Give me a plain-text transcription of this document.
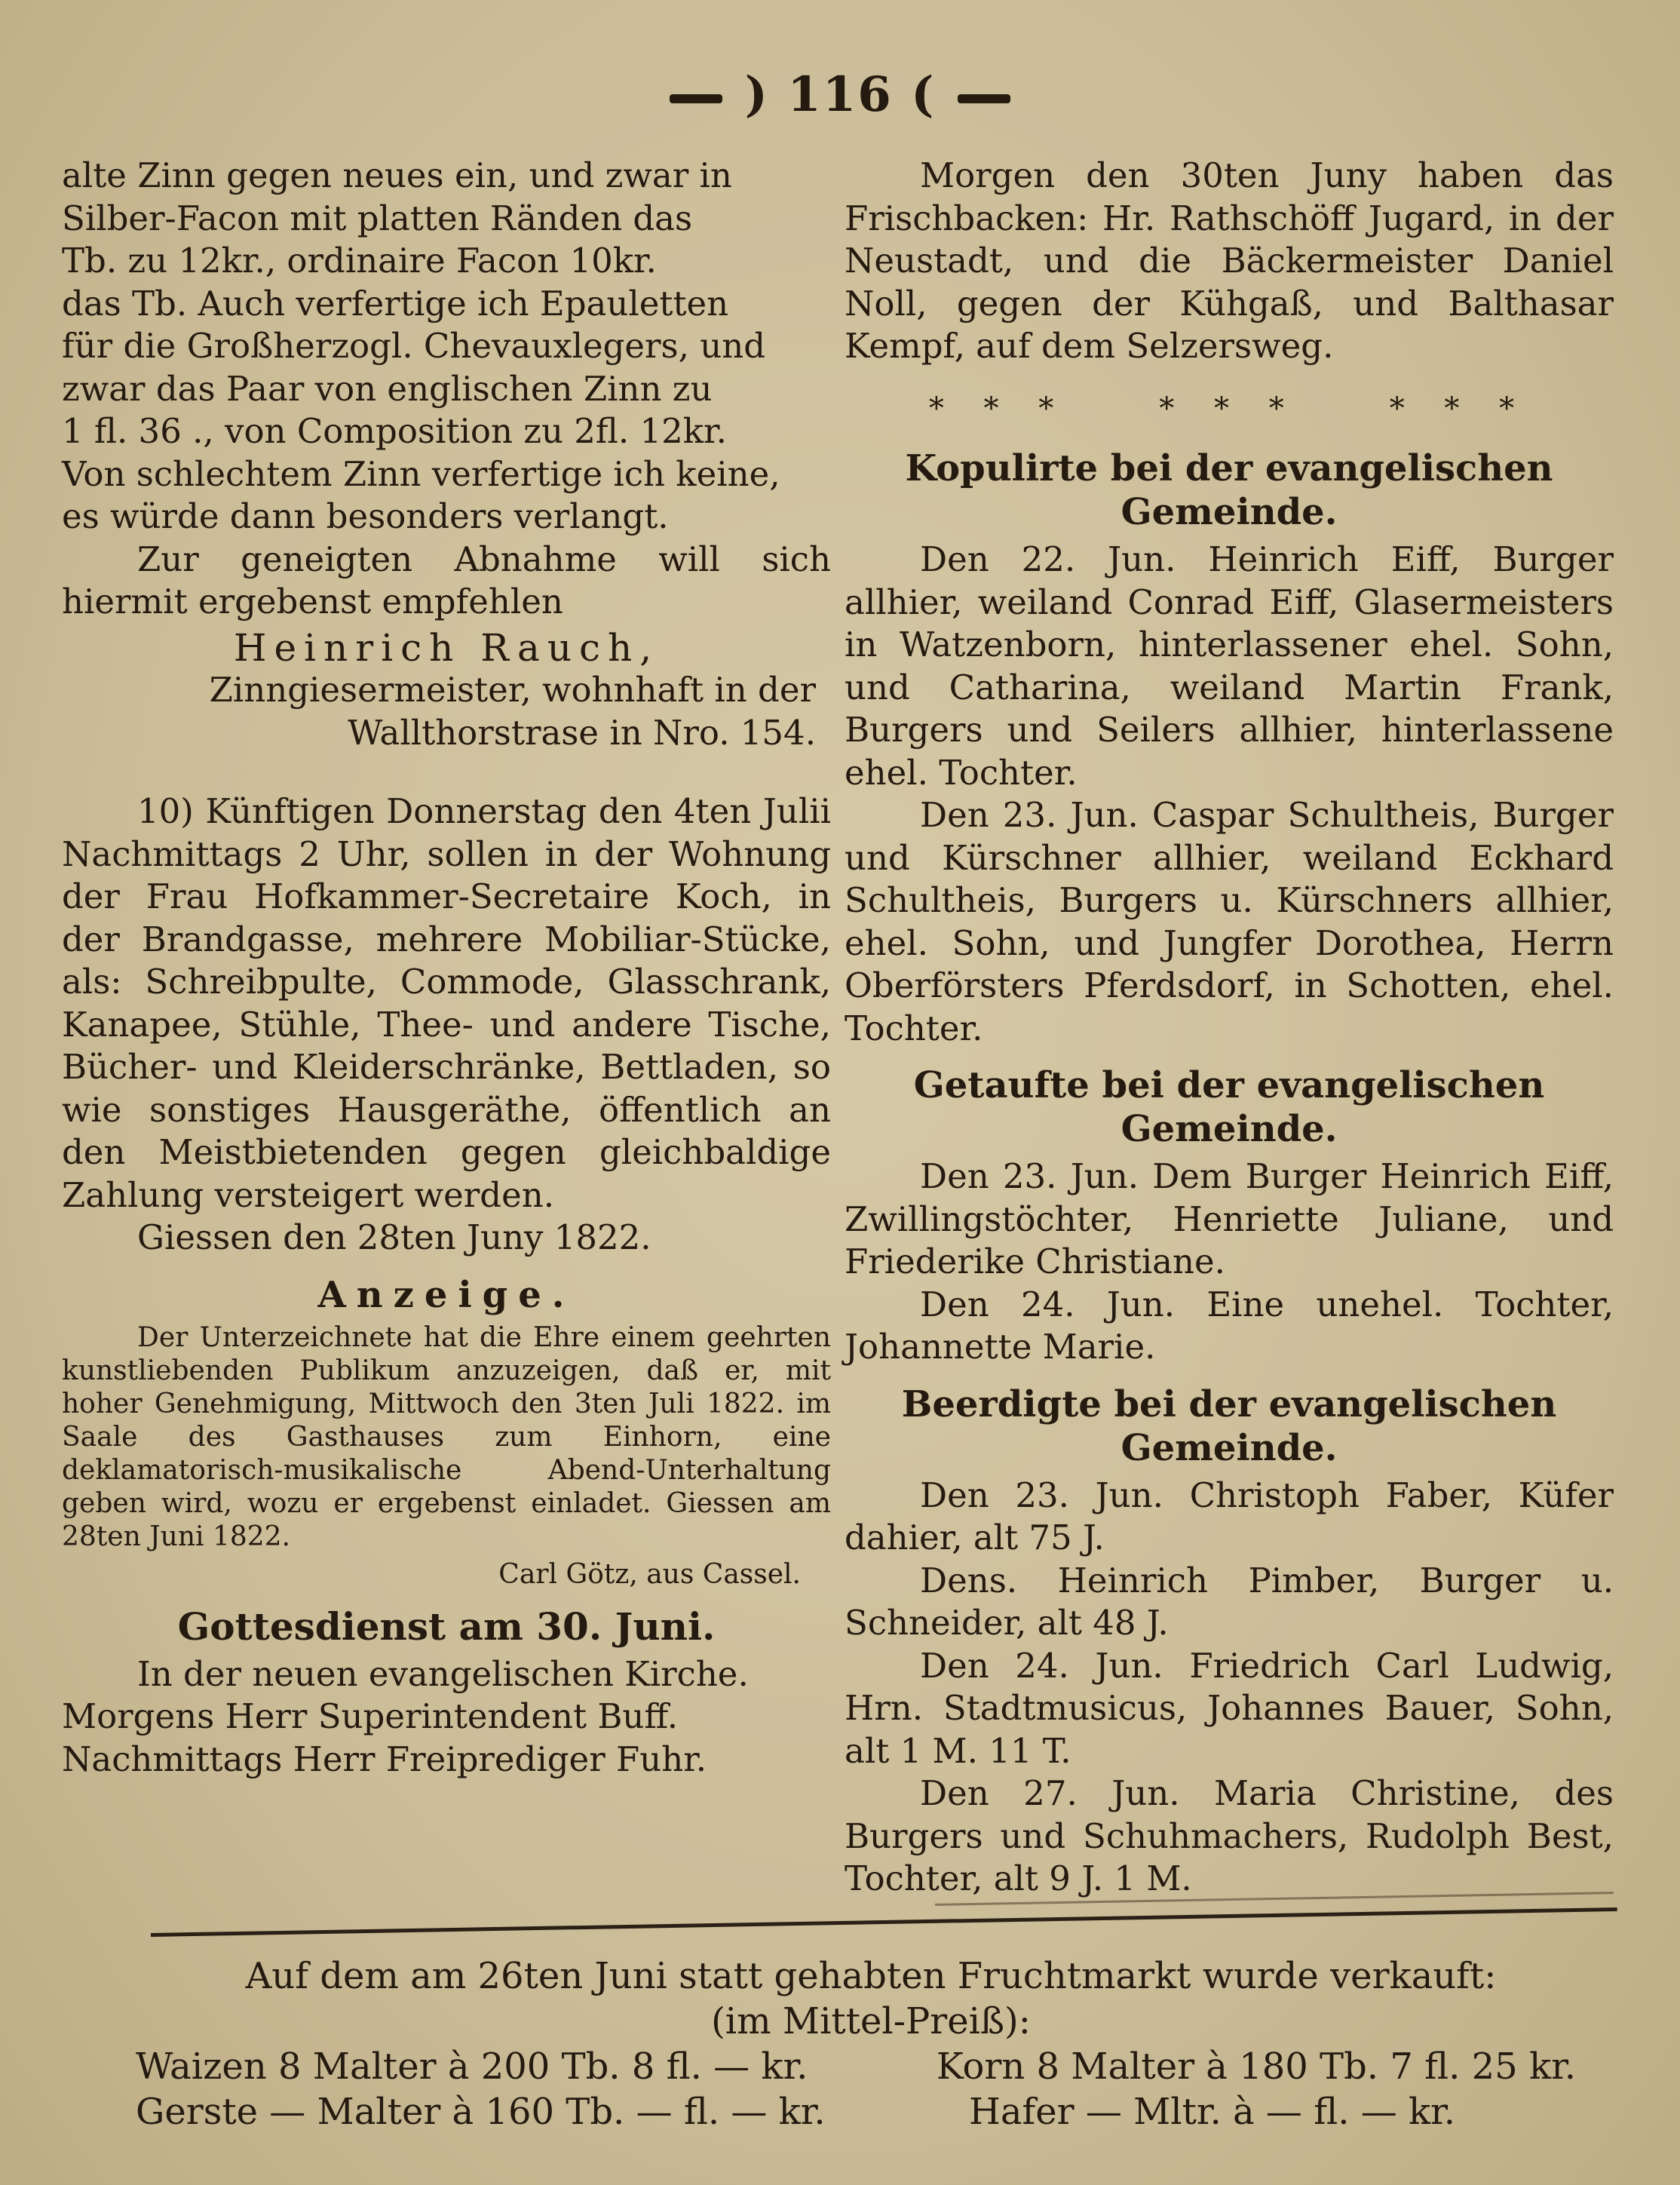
) 116 (

alte Zinn gegen neues ein, und zwar in

Silber-Facon mit platten Ränden das

Tb. zu 12kr., ordinaire Facon 10kr.

das Tb. Auch verfertige ich Epauletten

für die Großherzogl. Chevauxlegers, und

zwar das Paar von englischen Zinn zu

1 fl. 36 ., von Composition zu 2fl. 12kr.

Von schlechtem Zinn verfertige ich keine,

es würde dann besonders verlangt.

Zur geneigten Abnahme will sich hiermit ergebenst empfehlen

Heinrich Rauch,

Zinngiesermeister, wohnhaft in der Wallthorstrase in Nro. 154.

10) Künftigen Donnerstag den 4ten Julii Nachmittags 2 Uhr, sollen in der Wohnung der Frau Hofkammer-Secretaire Koch, in der Brandgasse, mehrere Mobiliar-Stücke, als: Schreibpulte, Commode, Glasschrank, Kanapee, Stühle, Thee- und andere Tische, Bücher- und Kleiderschränke, Bettladen, so wie sonstiges Hausgeräthe, öffentlich an den Meistbietenden gegen gleichbaldige Zahlung versteigert werden.

Giessen den 28ten Juny 1822.

Anzeige.

Der Unterzeichnete hat die Ehre einem geehrten kunstliebenden Publikum anzuzeigen, daß er, mit hoher Genehmigung, Mittwoch den 3ten Juli 1822. im Saale des Gasthauses zum Einhorn, eine deklamatorisch-musikalische Abend-Unterhaltung geben wird, wozu er ergebenst einladet. Giessen am 28ten Juni 1822.

Carl Götz, aus Cassel.

Gottesdienst am 30. Juni.

In der neuen evangelischen Kirche.

Morgens Herr Superintendent Buff.

Nachmittags Herr Freiprediger Fuhr.

Morgen den 30ten Juny haben das Frischbacken: Hr. Rathschöff Jugard, in der Neustadt, und die Bäckermeister Daniel Noll, gegen der Kühgaß, und Balthasar Kempf, auf dem Selzersweg.

* * *	* * *	* * *

Kopulirte bei der evangelischen Gemeinde.

Den 22. Jun. Heinrich Eiff, Burger allhier, weiland Conrad Eiff, Glasermeisters in Watzenborn, hinterlassener ehel. Sohn, und Catharina, weiland Martin Frank, Burgers und Seilers allhier, hinterlassene ehel. Tochter.

Den 23. Jun. Caspar Schultheis, Burger und Kürschner allhier, weiland Eckhard Schultheis, Burgers u. Kürschners allhier, ehel. Sohn, und Jungfer Dorothea, Herrn Oberförsters Pferdsdorf, in Schotten, ehel. Tochter.

Getaufte bei der evangelischen Gemeinde.

Den 23. Jun. Dem Burger Heinrich Eiff, Zwillingstöchter, Henriette Juliane, und Friederike Christiane.

Den 24. Jun. Eine unehel. Tochter, Johannette Marie.

Beerdigte bei der evangelischen Gemeinde.

Den 23. Jun. Christoph Faber, Küfer dahier, alt 75 J.

Dens. Heinrich Pimber, Burger u. Schneider, alt 48 J.

Den 24. Jun. Friedrich Carl Ludwig, Hrn. Stadtmusicus, Johannes Bauer, Sohn, alt 1 M. 11 T.

Den 27. Jun. Maria Christine, des Burgers und Schuhmachers, Rudolph Best, Tochter, alt 9 J. 1 M.

Auf dem am 26ten Juni statt gehabten Fruchtmarkt wurde verkauft:

(im Mittel-Preiß):

Waizen 8 Malter à 200 Tb. 8 fl. — kr.	Korn 8 Malter à 180 Tb. 7 fl. 25 kr.
Gerste — Malter à 160 Tb. — fl. — kr.	Hafer — Mltr. à — fl. — kr.
